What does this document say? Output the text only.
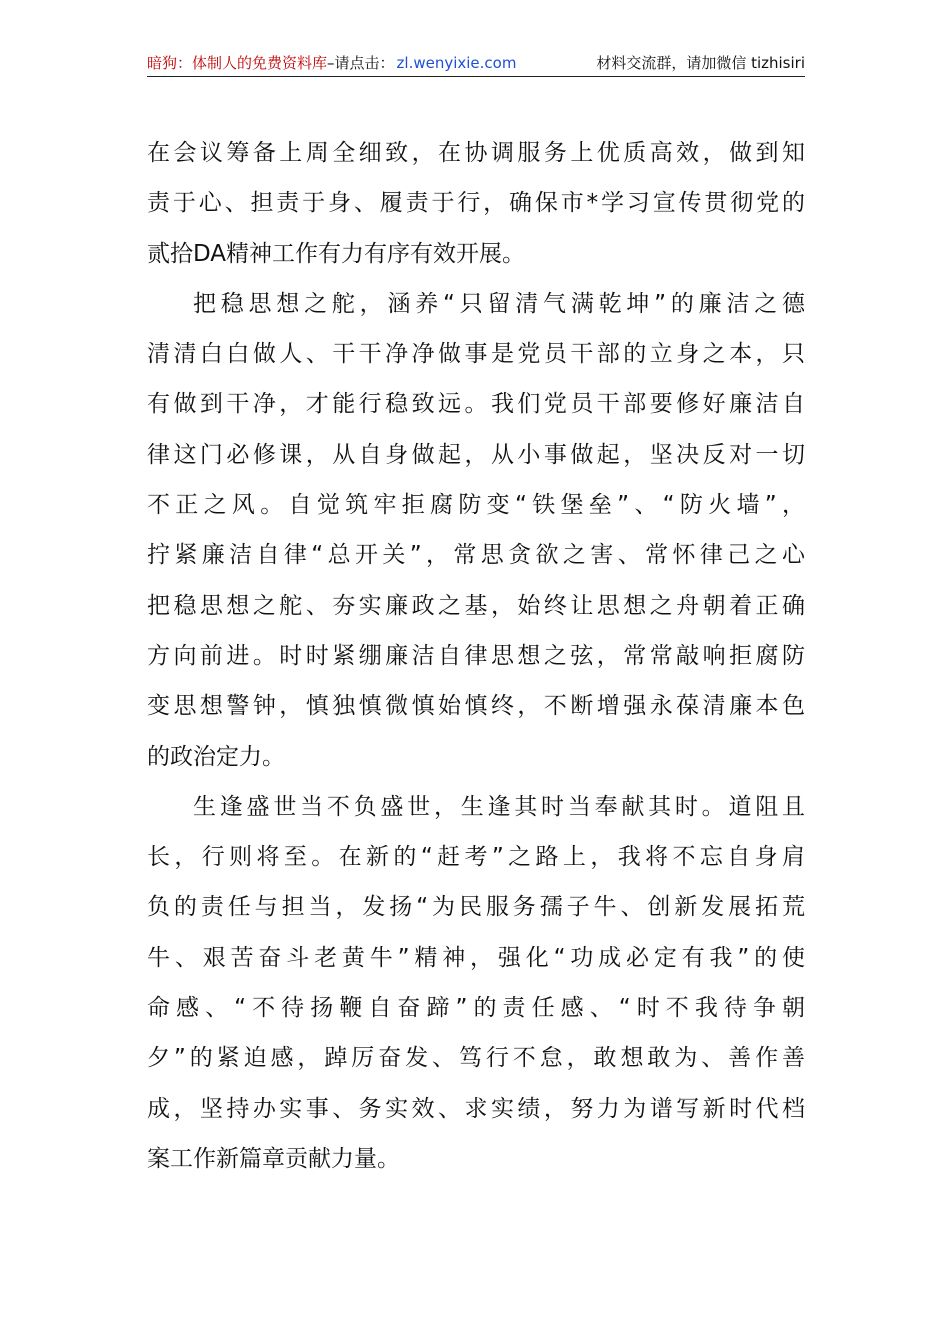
暗狗：体制人的免费资料库–请点击： zl.wenyixie.com	材料交流群，请加微信 tizhisiri
在会议筹备上周全细致，在协调服务上优质高效，做到知
责于心、担责于身、履责于行，确保市*学习宣传贯彻党的
贰拾DA精神工作有力有序有效开展。
把稳思想之舵，涵养“只留清气满乾坤”的廉洁之德
清清白白做人、干干净净做事是党员干部的立身之本，只
有做到干净，才能行稳致远。我们党员干部要修好廉洁自
律这门必修课，从自身做起，从小事做起，坚决反对一切
不正之风。自觉筑牢拒腐防变“铁堡垒”、“防火墙”，
拧紧廉洁自律“总开关”，常思贪欲之害、常怀律己之心
把稳思想之舵、夯实廉政之基，始终让思想之舟朝着正确
方向前进。时时紧绷廉洁自律思想之弦，常常敲响拒腐防
变思想警钟，慎独慎微慎始慎终，不断增强永葆清廉本色
的政治定力。
生逢盛世当不负盛世，生逢其时当奉献其时。道阻且
长，行则将至。在新的“赶考”之路上，我将不忘自身肩
负的责任与担当，发扬“为民服务孺子牛、创新发展拓荒
牛、艰苦奋斗老黄牛”精神，强化“功成必定有我”的使
命感、“不待扬鞭自奋蹄”的责任感、“时不我待争朝
夕”的紧迫感，踔厉奋发、笃行不怠，敢想敢为、善作善
成，坚持办实事、务实效、求实绩，努力为谱写新时代档
案工作新篇章贡献力量。
